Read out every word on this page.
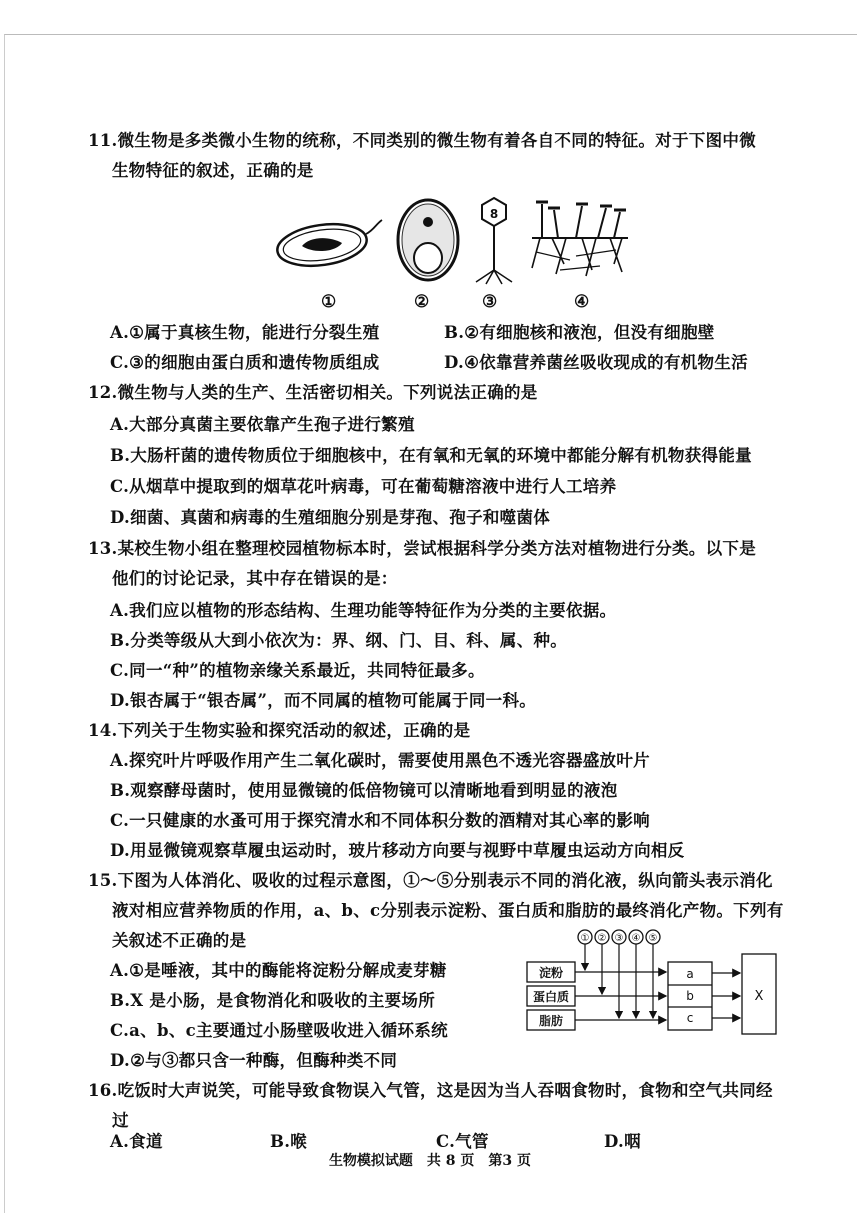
11.微生物是多类微小生物的统称，不同类别的微生物有着各自不同的特征。对于下图中微
生物特征的叙述，正确的是
8
①	②	③	④
A.①属于真核生物，能进行分裂生殖	B.②有细胞核和液泡，但没有细胞壁
C.③的细胞由蛋白质和遗传物质组成	D.④依靠营养菌丝吸收现成的有机物生活
12.微生物与人类的生产、生活密切相关。下列说法正确的是
A.大部分真菌主要依靠产生孢子进行繁殖
B.大肠杆菌的遗传物质位于细胞核中，在有氧和无氧的环境中都能分解有机物获得能量
C.从烟草中提取到的烟草花叶病毒，可在葡萄糖溶液中进行人工培养
D.细菌、真菌和病毒的生殖细胞分别是芽孢、孢子和噬菌体
13.某校生物小组在整理校园植物标本时，尝试根据科学分类方法对植物进行分类。以下是
他们的讨论记录，其中存在错误的是：
A.我们应以植物的形态结构、生理功能等特征作为分类的主要依据。
B.分类等级从大到小依次为：界、纲、门、目、科、属、种。
C.同一“种”的植物亲缘关系最近，共同特征最多。
D.银杏属于“银杏属”，而不同属的植物可能属于同一科。
14.下列关于生物实验和探究活动的叙述，正确的是
A.探究叶片呼吸作用产生二氧化碳时，需要使用黑色不透光容器盛放叶片
B.观察酵母菌时，使用显微镜的低倍物镜可以清晰地看到明显的液泡
C.一只健康的水蚤可用于探究清水和不同体积分数的酒精对其心率的影响
D.用显微镜观察草履虫运动时，玻片移动方向要与视野中草履虫运动方向相反
15.下图为人体消化、吸收的过程示意图，①～⑤分别表示不同的消化液，纵向箭头表示消化
液对相应营养物质的作用，a、b、c分别表示淀粉、蛋白质和脂肪的最终消化产物。下列有
关叙述不正确的是
A.①是唾液，其中的酶能将淀粉分解成麦芽糖
B.X 是小肠，是食物消化和吸收的主要场所
C.a、b、c主要通过小肠壁吸收进入循环系统
D.②与③都只含一种酶，但酶种类不同
① ② ③ ④ ⑤
淀粉
蛋白质
脂肪
a
b
c
X
16.吃饭时大声说笑，可能导致食物误入气管，这是因为当人吞咽食物时，食物和空气共同经
过
A.食道	B.喉	C.气管	D.咽
生物模拟试题　共 8 页　第3 页
